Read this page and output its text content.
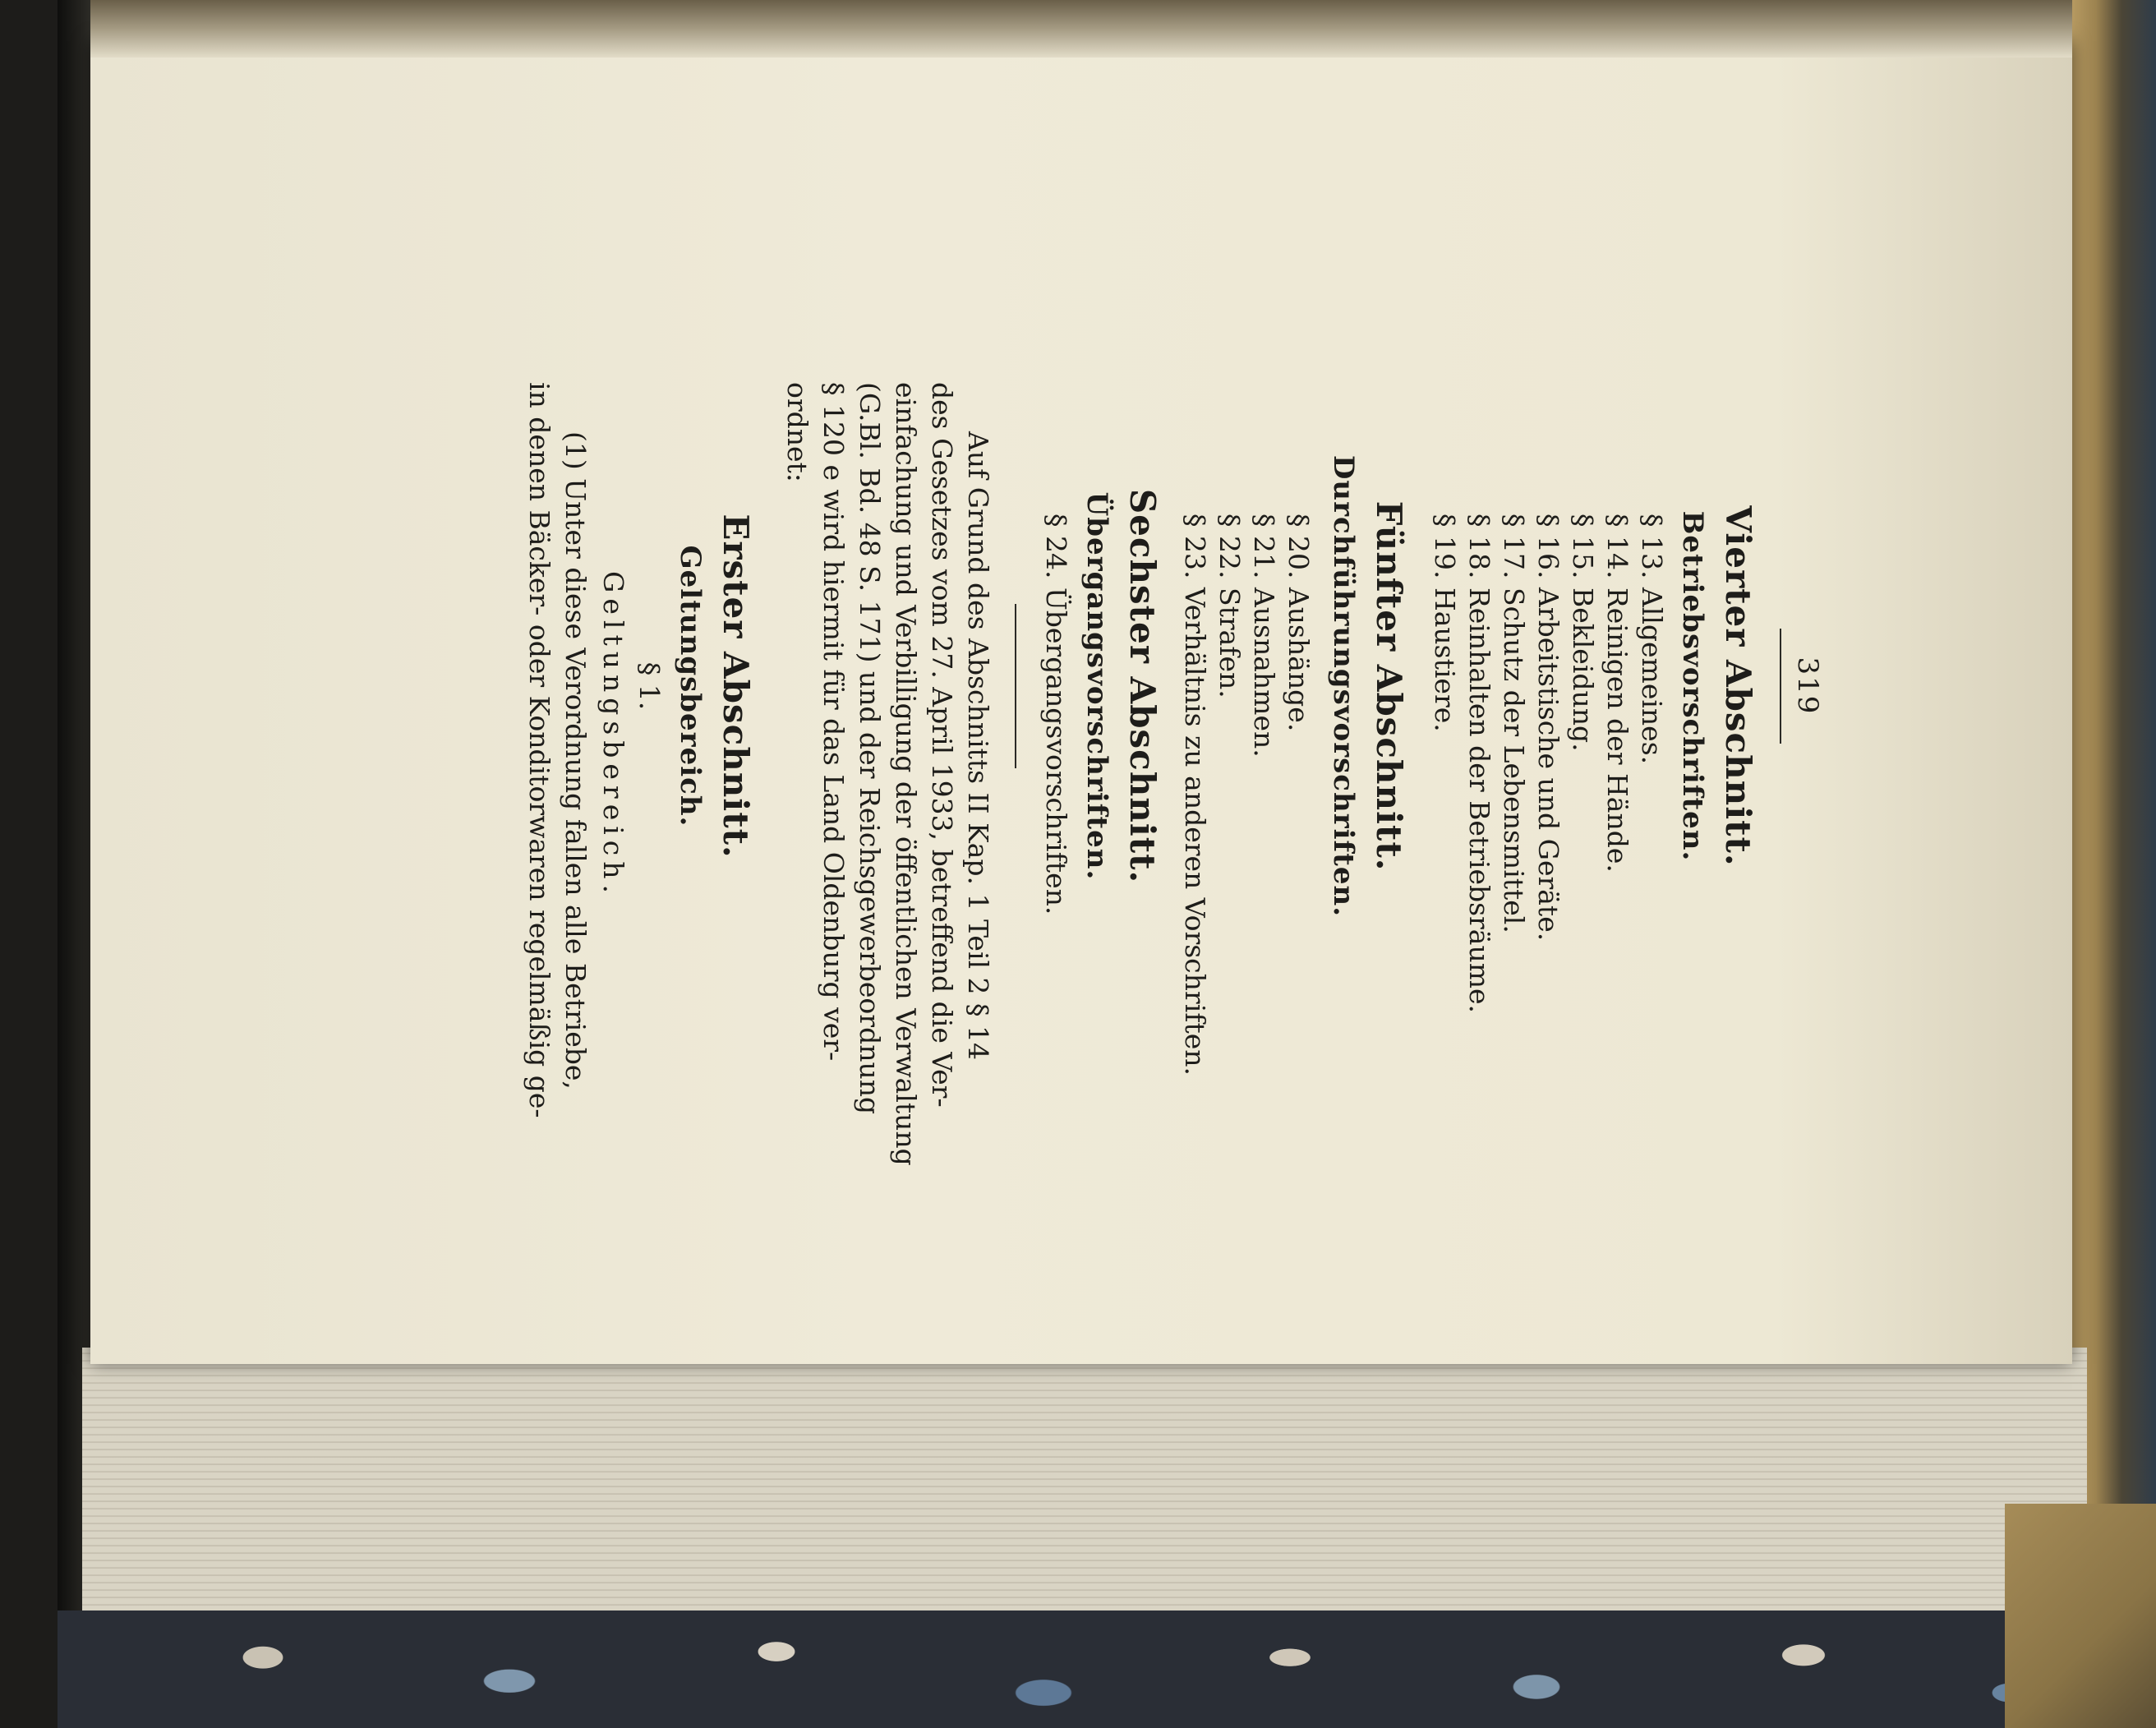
319
Vierter Abschnitt.
Betriebsvorschriften.
§ 13. Allgemeines.
§ 14. Reinigen der Hände.
§ 15. Bekleidung.
§ 16. Arbeitstische und Geräte.
§ 17. Schutz der Lebensmittel.
§ 18. Reinhalten der Betriebsräume.
§ 19. Haustiere.
Fünfter Abschnitt.
Durchführungsvorschriften.
§ 20. Aushänge.
§ 21. Ausnahmen.
§ 22. Strafen.
§ 23. Verhältnis zu anderen Vorschriften.
Sechster Abschnitt.
Übergangsvorschriften.
§ 24. Übergangsvorschriften.
Auf Grund des Abschnitts II Kap. 1 Teil 2 § 14
des Gesetzes vom 27. April 1933, betreffend die Ver-
einfachung und Verbilligung der öffentlichen Verwaltung
(G.Bl. Bd. 48 S. 171) und der Reichsgewerbeordnung
§ 120 e wird hiermit für das Land Oldenburg ver-
ordnet:
Erster Abschnitt.
Geltungsbereich.
§ 1.
Geltungsbereich.
(1) Unter diese Verordnung fallen alle Betriebe,
in denen Bäcker- oder Konditorwaren regelmäßig ge-
